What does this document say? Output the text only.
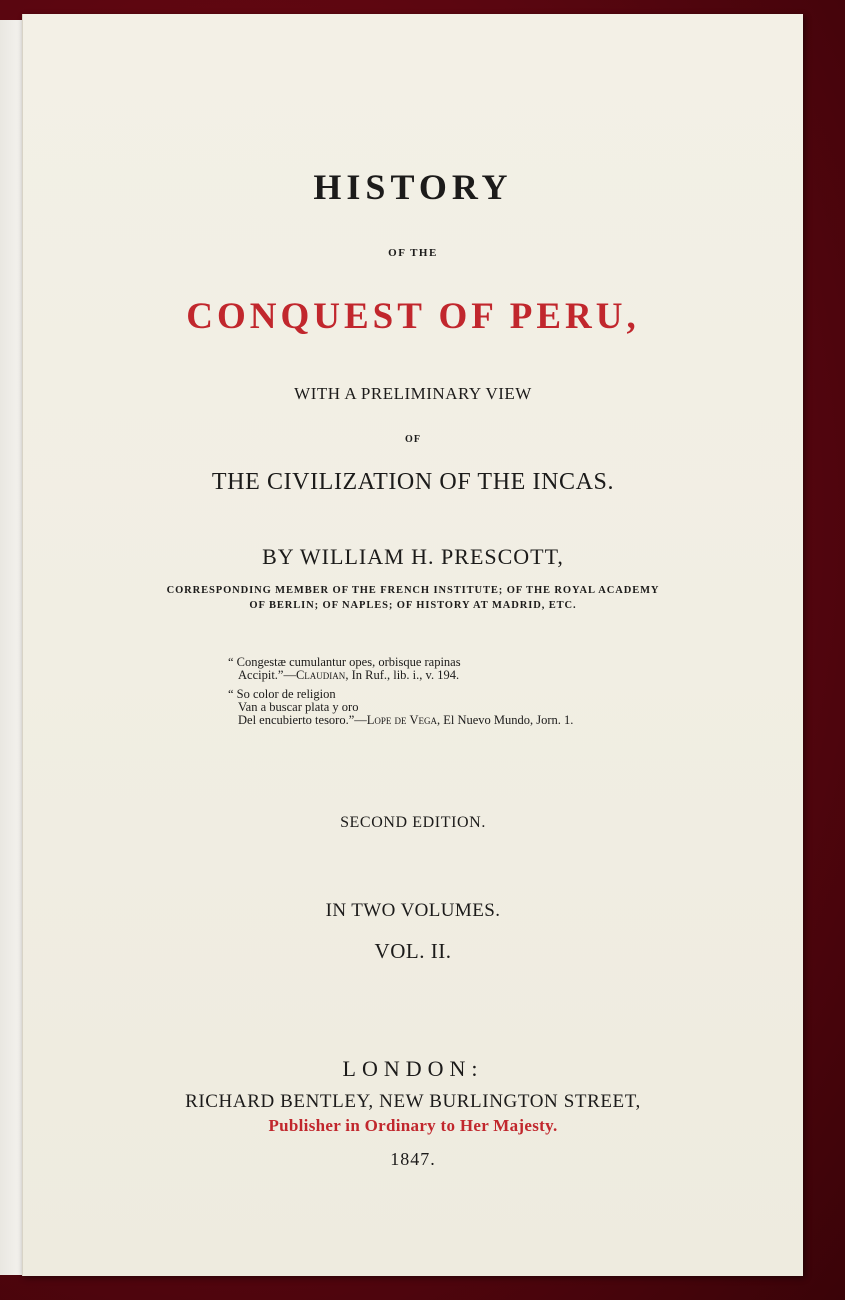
HISTORY
OF THE
CONQUEST OF PERU,
WITH A PRELIMINARY VIEW
OF
THE CIVILIZATION OF THE INCAS.
BY WILLIAM H. PRESCOTT,
CORRESPONDING MEMBER OF THE FRENCH INSTITUTE; OF THE ROYAL ACADEMY
OF BERLIN; OF NAPLES; OF HISTORY AT MADRID, ETC.
“ Congestæ cumulantur opes, orbisque rapinas
Accipit.”—Claudian, In Ruf., lib. i., v. 194.
“ So color de religion
Van a buscar plata y oro
Del encubierto tesoro.”—Lope de Vega, El Nuevo Mundo, Jorn. 1.
SECOND EDITION.
IN TWO VOLUMES.
VOL. II.
LONDON:
RICHARD BENTLEY, NEW BURLINGTON STREET,
Publisher in Ordinary to Her Majesty.
1847.
